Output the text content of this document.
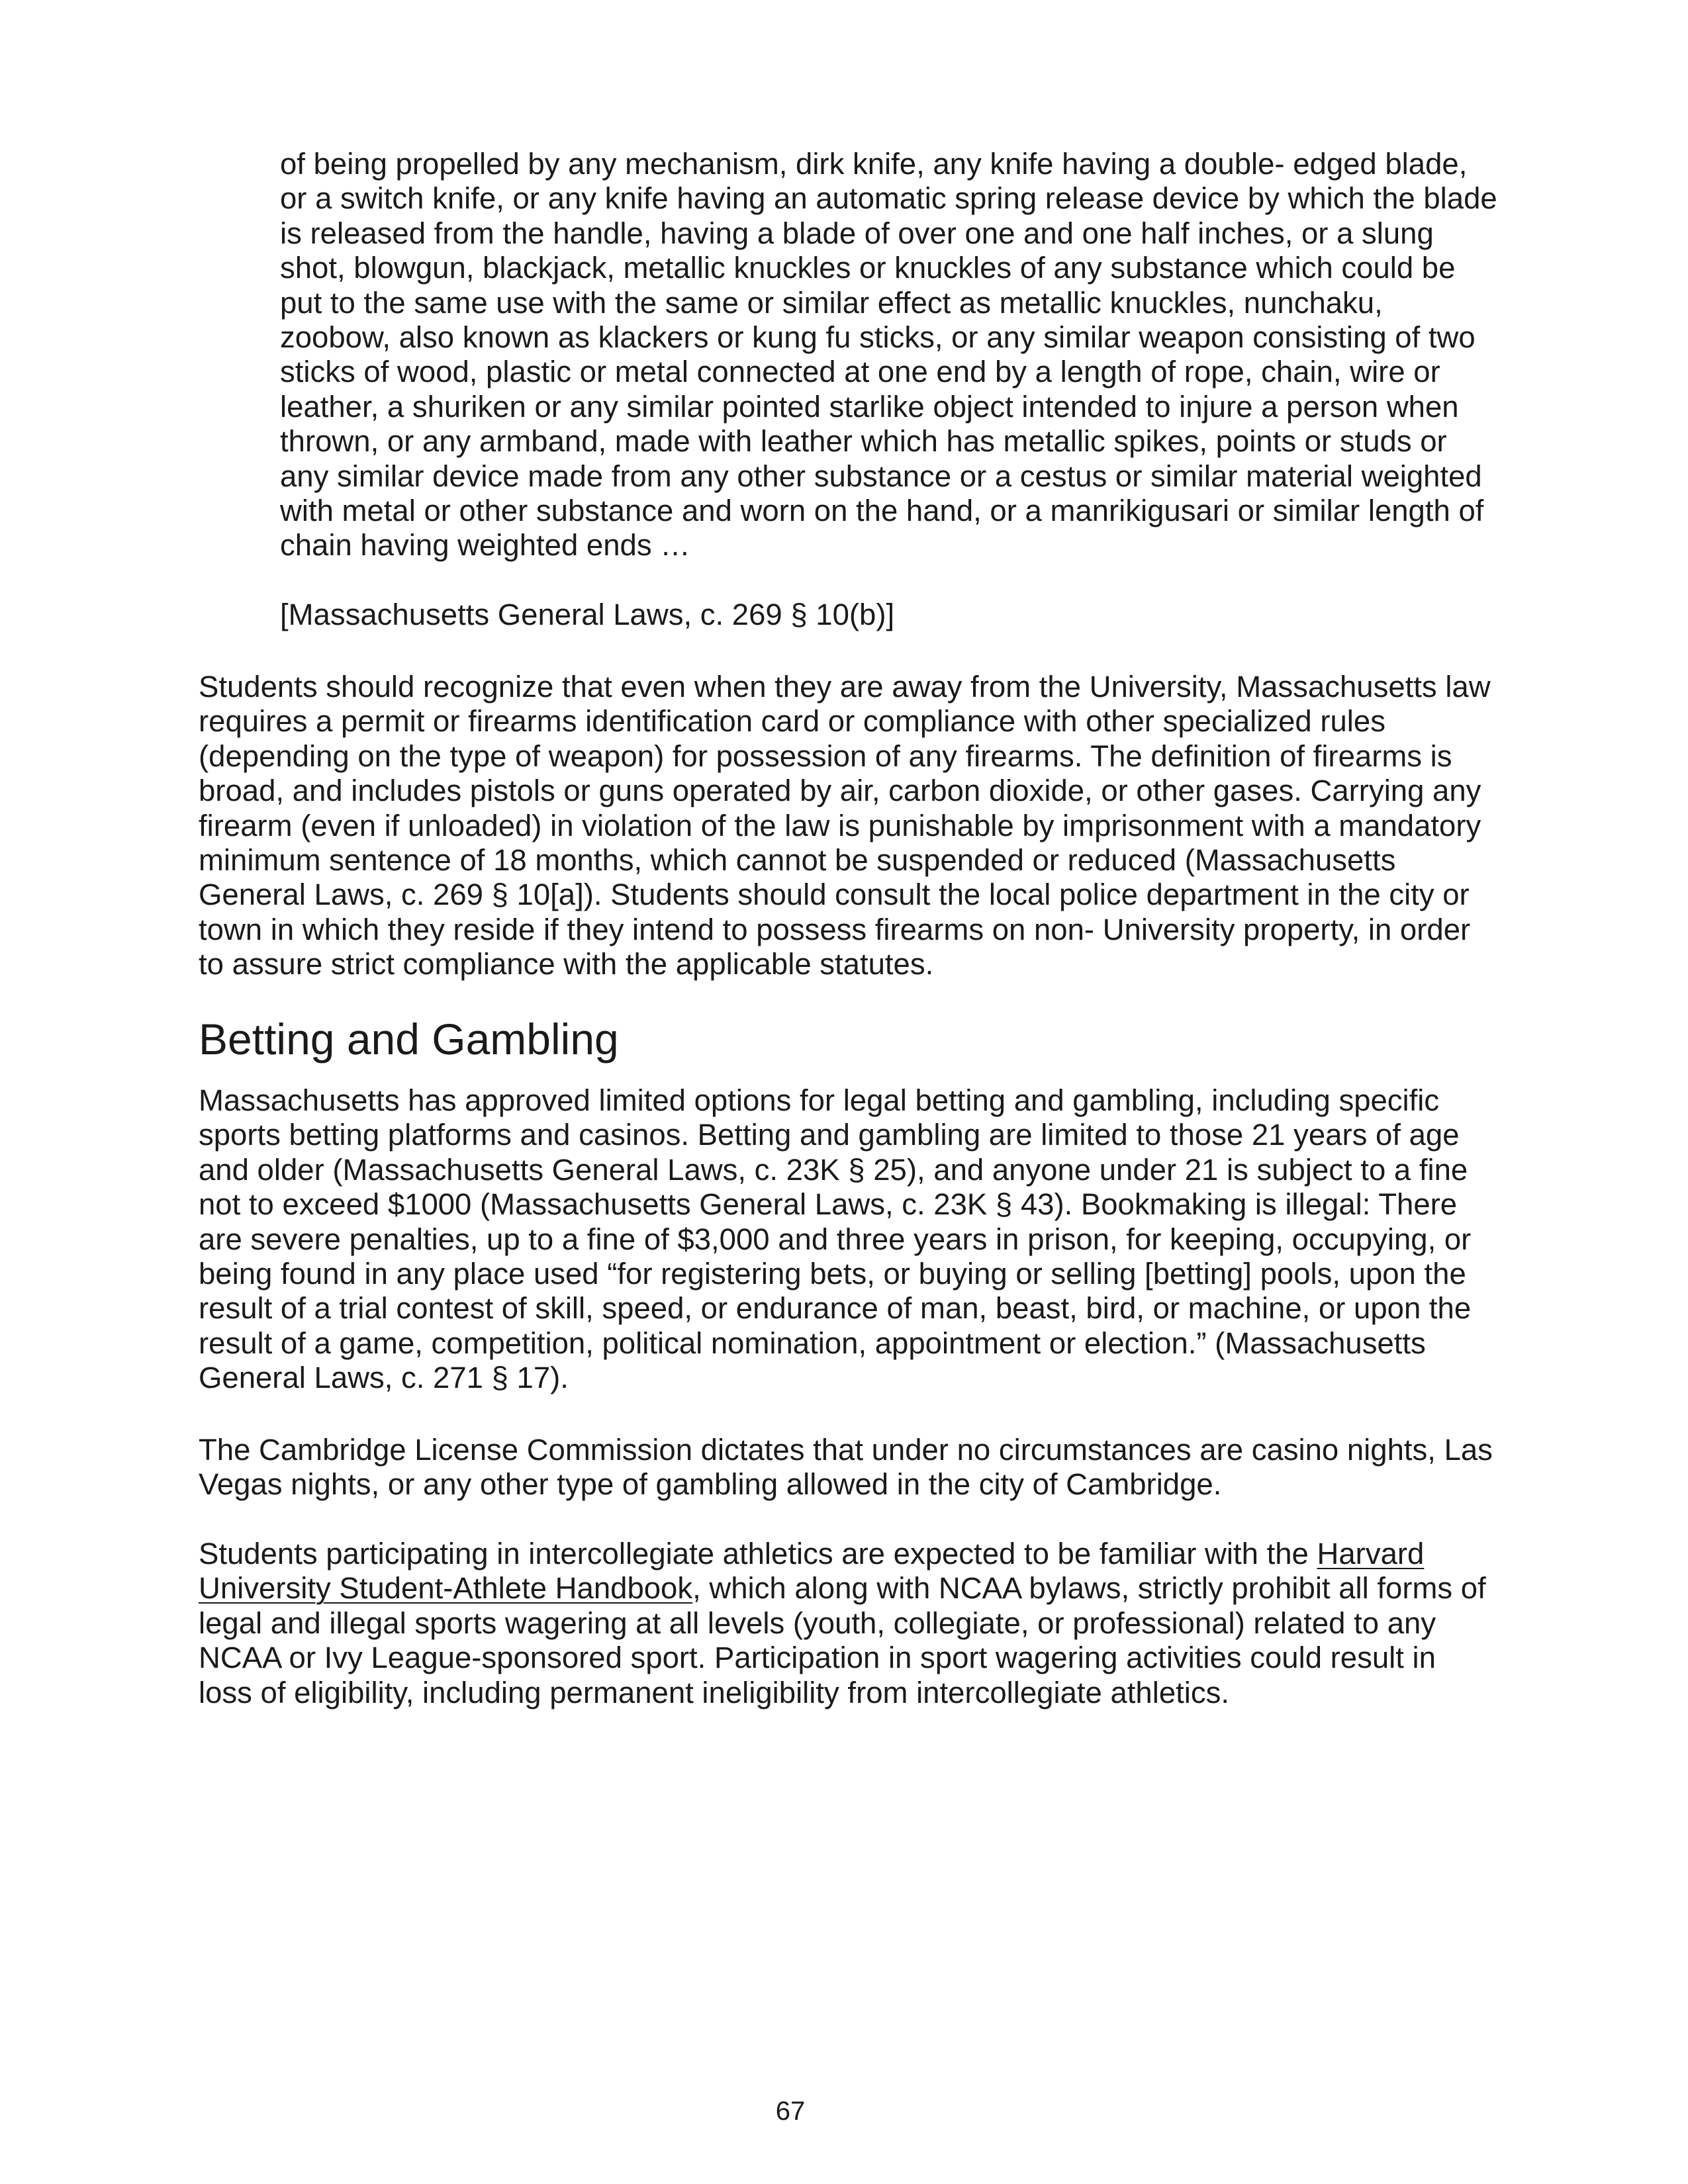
of being propelled by any mechanism, dirk knife, any knife having a double- edged blade,
or a switch knife, or any knife having an automatic spring release device by which the blade
is released from the handle, having a blade of over one and one half inches, or a slung
shot, blowgun, blackjack, metallic knuckles or knuckles of any substance which could be
put to the same use with the same or similar effect as metallic knuckles, nunchaku,
zoobow, also known as klackers or kung fu sticks, or any similar weapon consisting of two
sticks of wood, plastic or metal connected at one end by a length of rope, chain, wire or
leather, a shuriken or any similar pointed starlike object intended to injure a person when
thrown, or any armband, made with leather which has metallic spikes, points or studs or
any similar device made from any other substance or a cestus or similar material weighted
with metal or other substance and worn on the hand, or a manrikigusari or similar length of
chain having weighted ends …

[Massachusetts General Laws, c. 269 § 10(b)]

Students should recognize that even when they are away from the University, Massachusetts law
requires a permit or firearms identification card or compliance with other specialized rules
(depending on the type of weapon) for possession of any firearms. The definition of firearms is
broad, and includes pistols or guns operated by air, carbon dioxide, or other gases. Carrying any
firearm (even if unloaded) in violation of the law is punishable by imprisonment with a mandatory
minimum sentence of 18 months, which cannot be suspended or reduced (Massachusetts
General Laws, c. 269 § 10[a]). Students should consult the local police department in the city or
town in which they reside if they intend to possess firearms on non- University property, in order
to assure strict compliance with the applicable statutes.
Betting and Gambling
Massachusetts has approved limited options for legal betting and gambling, including specific
sports betting platforms and casinos. Betting and gambling are limited to those 21 years of age
and older (Massachusetts General Laws, c. 23K § 25), and anyone under 21 is subject to a fine
not to exceed $1000 (Massachusetts General Laws, c. 23K § 43). Bookmaking is illegal: There
are severe penalties, up to a fine of $3,000 and three years in prison, for keeping, occupying, or
being found in any place used “for registering bets, or buying or selling [betting] pools, upon the
result of a trial contest of skill, speed, or endurance of man, beast, bird, or machine, or upon the
result of a game, competition, political nomination, appointment or election.” (Massachusetts
General Laws, c. 271 § 17).
The Cambridge License Commission dictates that under no circumstances are casino nights, Las
Vegas nights, or any other type of gambling allowed in the city of Cambridge.
Students participating in intercollegiate athletics are expected to be familiar with the Harvard
University Student-Athlete Handbook, which along with NCAA bylaws, strictly prohibit all forms of
legal and illegal sports wagering at all levels (youth, collegiate, or professional) related to any
NCAA or Ivy League-sponsored sport. Participation in sport wagering activities could result in
loss of eligibility, including permanent ineligibility from intercollegiate athletics.

67
